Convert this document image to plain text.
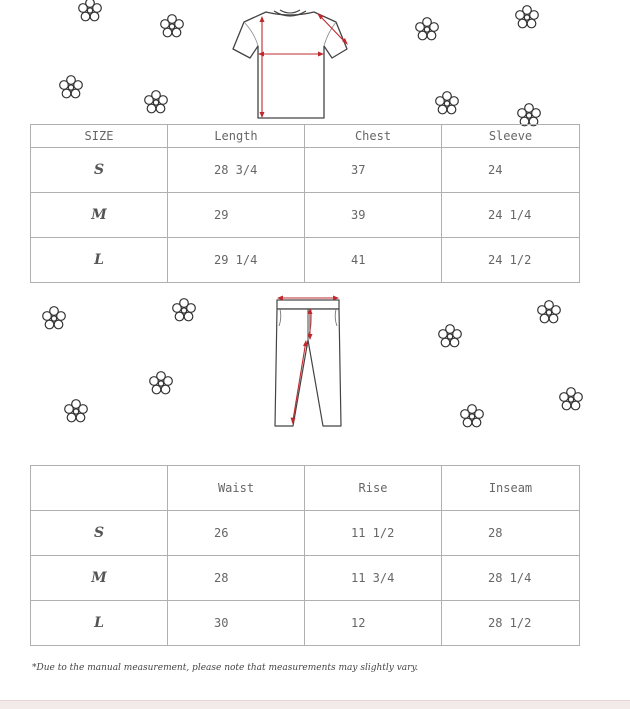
SIZE	Length	Chest	Sleeve
S	28 3/4	37	24
M	29	39	24 1/4
L	29 1/4	41	24 1/2
	Waist	Rise	Inseam
S	26	11 1/2	28
M	28	11 3/4	28 1/4
L	30	12	28 1/2
*Due to the manual measurement, please note that measurements may slightly vary.
